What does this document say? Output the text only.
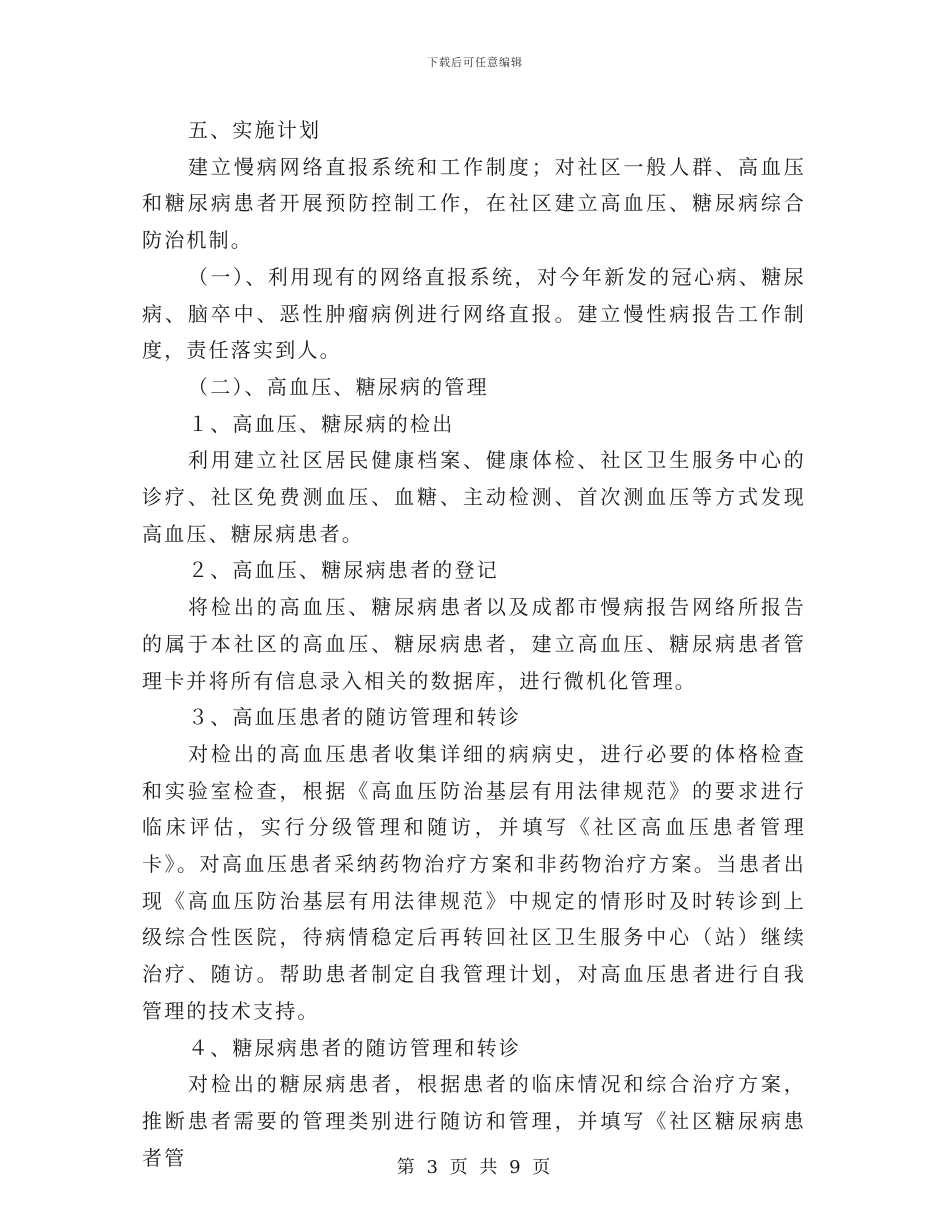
下载后可任意编辑

五、实施计划

建立慢病网络直报系统和工作制度；对社区一般人群、高血压和糖尿病患者开展预防控制工作，在社区建立高血压、糖尿病综合防治机制。

（一）、利用现有的网络直报系统，对今年新发的冠心病、糖尿病、脑卒中、恶性肿瘤病例进行网络直报。建立慢性病报告工作制度，责任落实到人。

（二）、高血压、糖尿病的管理

１、高血压、糖尿病的检出

利用建立社区居民健康档案、健康体检、社区卫生服务中心的诊疗、社区免费测血压、血糖、主动检测、首次测血压等方式发现高血压、糖尿病患者。

２、高血压、糖尿病患者的登记

将检出的高血压、糖尿病患者以及成都市慢病报告网络所报告的属于本社区的高血压、糖尿病患者，建立高血压、糖尿病患者管理卡并将所有信息录入相关的数据库，进行微机化管理。

３、高血压患者的随访管理和转诊

对检出的高血压患者收集详细的病病史，进行必要的体格检查和实验室检查，根据《高血压防治基层有用法律规范》的要求进行临床评估，实行分级管理和随访，并填写《社区高血压患者管理卡》。对高血压患者采纳药物治疗方案和非药物治疗方案。当患者出现《高血压防治基层有用法律规范》中规定的情形时及时转诊到上级综合性医院，待病情稳定后再转回社区卫生服务中心（站）继续治疗、随访。帮助患者制定自我管理计划，对高血压患者进行自我管理的技术支持。

４、糖尿病患者的随访管理和转诊

对检出的糖尿病患者，根据患者的临床情况和综合治疗方案，推断患者需要的管理类别进行随访和管理，并填写《社区糖尿病患者管	第 3 页 共 9 页
